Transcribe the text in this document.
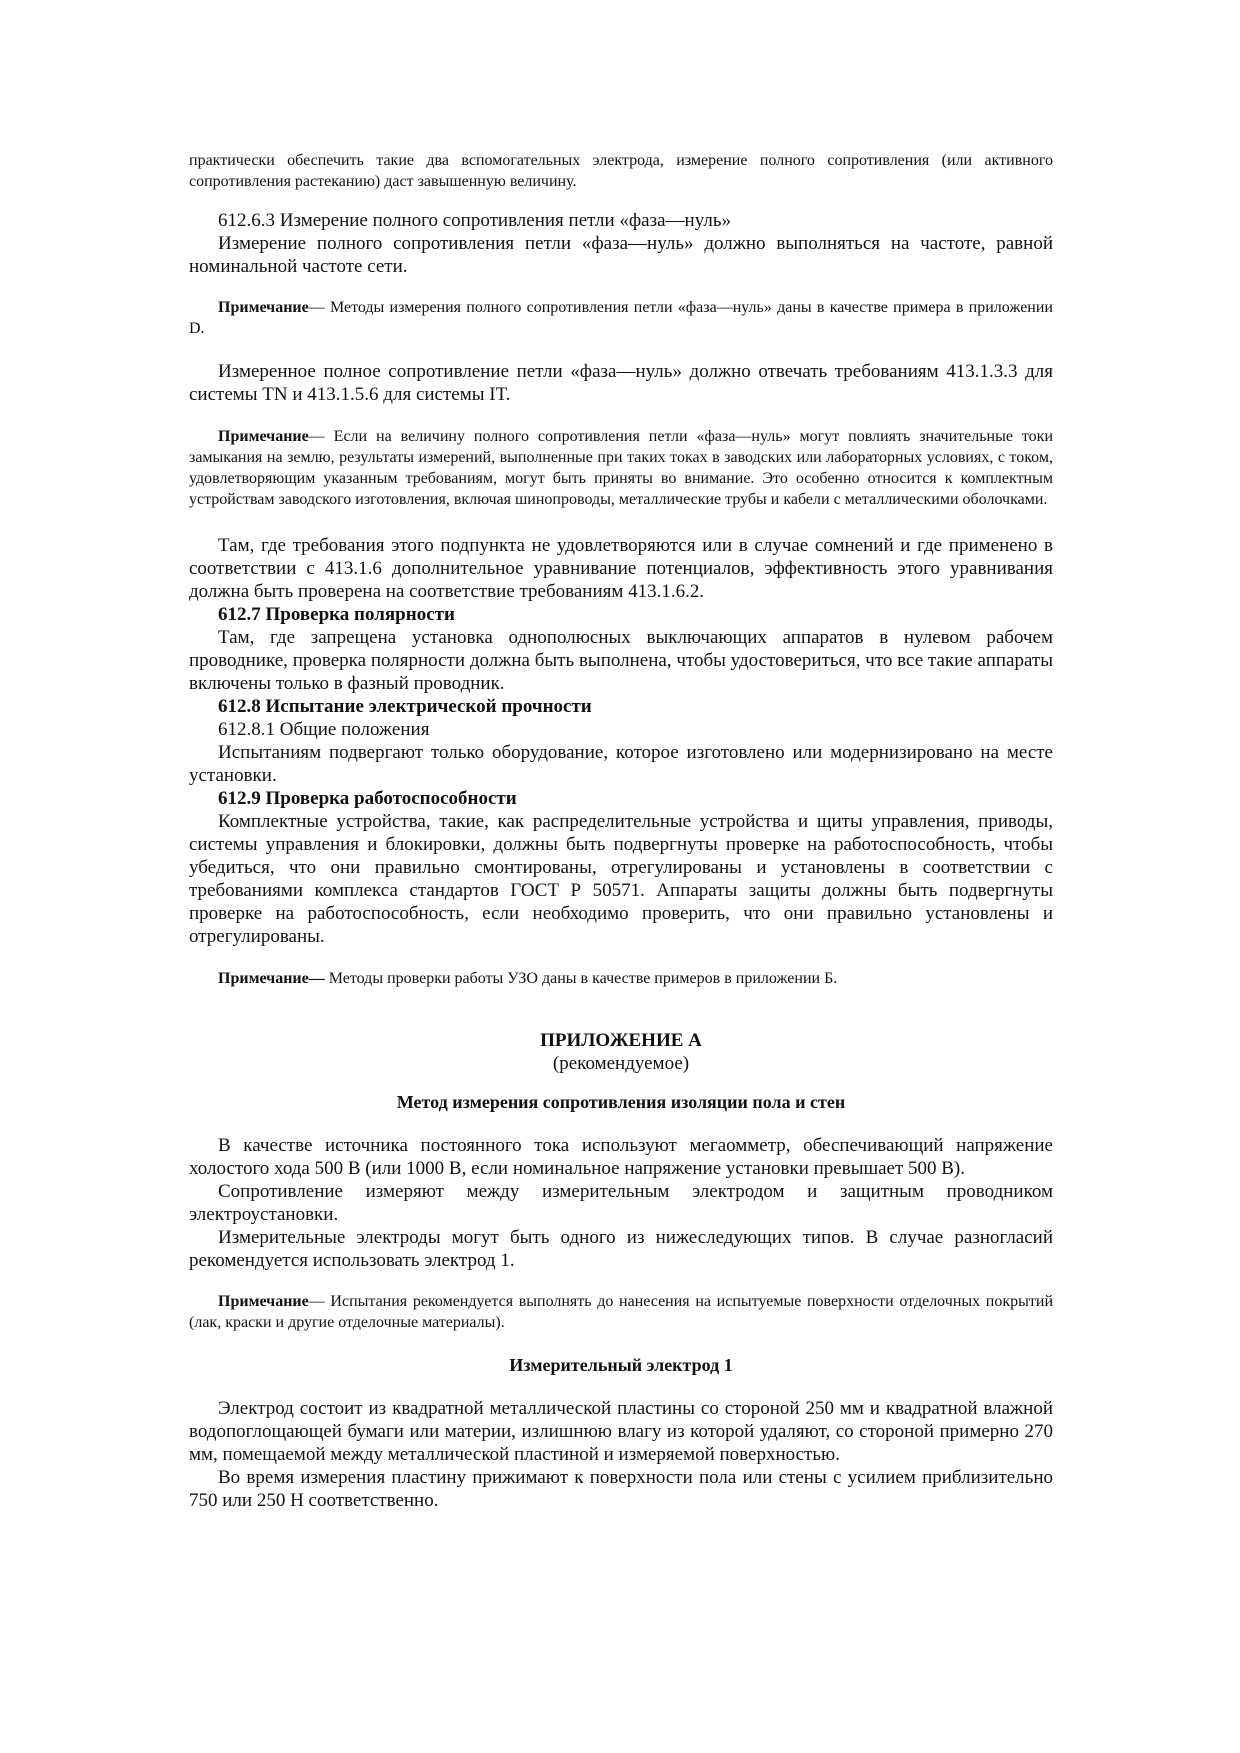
практически обеспечить такие два вспомогательных электрода, измерение полного сопротивления (или активного сопротивления растеканию) даст завышенную величину.

612.6.3 Измерение полного сопротивления петли «фаза—нуль»

Измерение полного сопротивления петли «фаза—нуль» должно выполняться на частоте, равной номинальной частоте сети.

Примечание— Методы измерения полного сопротивления петли «фаза—нуль» даны в качестве примера в приложении D.

Измеренное полное сопротивление петли «фаза—нуль» должно отвечать требованиям 413.1.3.3 для системы TN и 413.1.5.6 для системы IT.

Примечание— Если на величину полного сопротивления петли «фаза—нуль» могут повлиять значительные токи замыкания на землю, результаты измерений, выполненные при таких токах в заводских или лабораторных условиях, с током, удовлетворяющим указанным требованиям, могут быть приняты во внимание. Это особенно относится к комплектным устройствам заводского изготовления, включая шинопроводы, металлические трубы и кабели с металлическими оболочками.

Там, где требования этого подпункта не удовлетворяются или в случае сомнений и где применено в соответствии с 413.1.6 дополнительное уравнивание потенциалов, эффективность этого уравнивания должна быть проверена на соответствие требованиям 413.1.6.2.

612.7 Проверка полярности

Там, где запрещена установка однополюсных выключающих аппаратов в нулевом рабочем проводнике, проверка полярности должна быть выполнена, чтобы удостовериться, что все такие аппараты включены только в фазный проводник.

612.8 Испытание электрической прочности

612.8.1 Общие положения

Испытаниям подвергают только оборудование, которое изготовлено или модернизировано на месте установки.

612.9 Проверка работоспособности

Комплектные устройства, такие, как распределительные устройства и щиты управления, приводы, системы управления и блокировки, должны быть подвергнуты проверке на работоспособность, чтобы убедиться, что они правильно смонтированы, отрегулированы и установлены в соответствии с требованиями комплекса стандартов ГОСТ Р 50571. Аппараты защиты должны быть подвергнуты проверке на работоспособность, если необходимо проверить, что они правильно установлены и отрегулированы.

Примечание— Методы проверки работы УЗО даны в качестве примеров в приложении Б.

ПРИЛОЖЕНИЕ А

(рекомендуемое)

Метод измерения сопротивления изоляции пола и стен

В качестве источника постоянного тока используют мегаомметр, обеспечивающий напряжение холостого хода 500 В (или 1000 В, если номинальное напряжение установки превышает 500 В).

Сопротивление измеряют между измерительным электродом и защитным проводником электроустановки.

Измерительные электроды могут быть одного из нижеследующих типов. В случае разногласий рекомендуется использовать электрод 1.

Примечание— Испытания рекомендуется выполнять до нанесения на испытуемые поверхности отделочных покрытий (лак, краски и другие отделочные материалы).

Измерительный электрод 1

Электрод состоит из квадратной металлической пластины со стороной 250 мм и квадратной влажной водопоглощающей бумаги или материи, излишнюю влагу из которой удаляют, со стороной примерно 270 мм, помещаемой между металлической пластиной и измеряемой поверхностью.

Во время измерения пластину прижимают к поверхности пола или стены с усилием приблизительно 750 или 250 Н соответственно.
